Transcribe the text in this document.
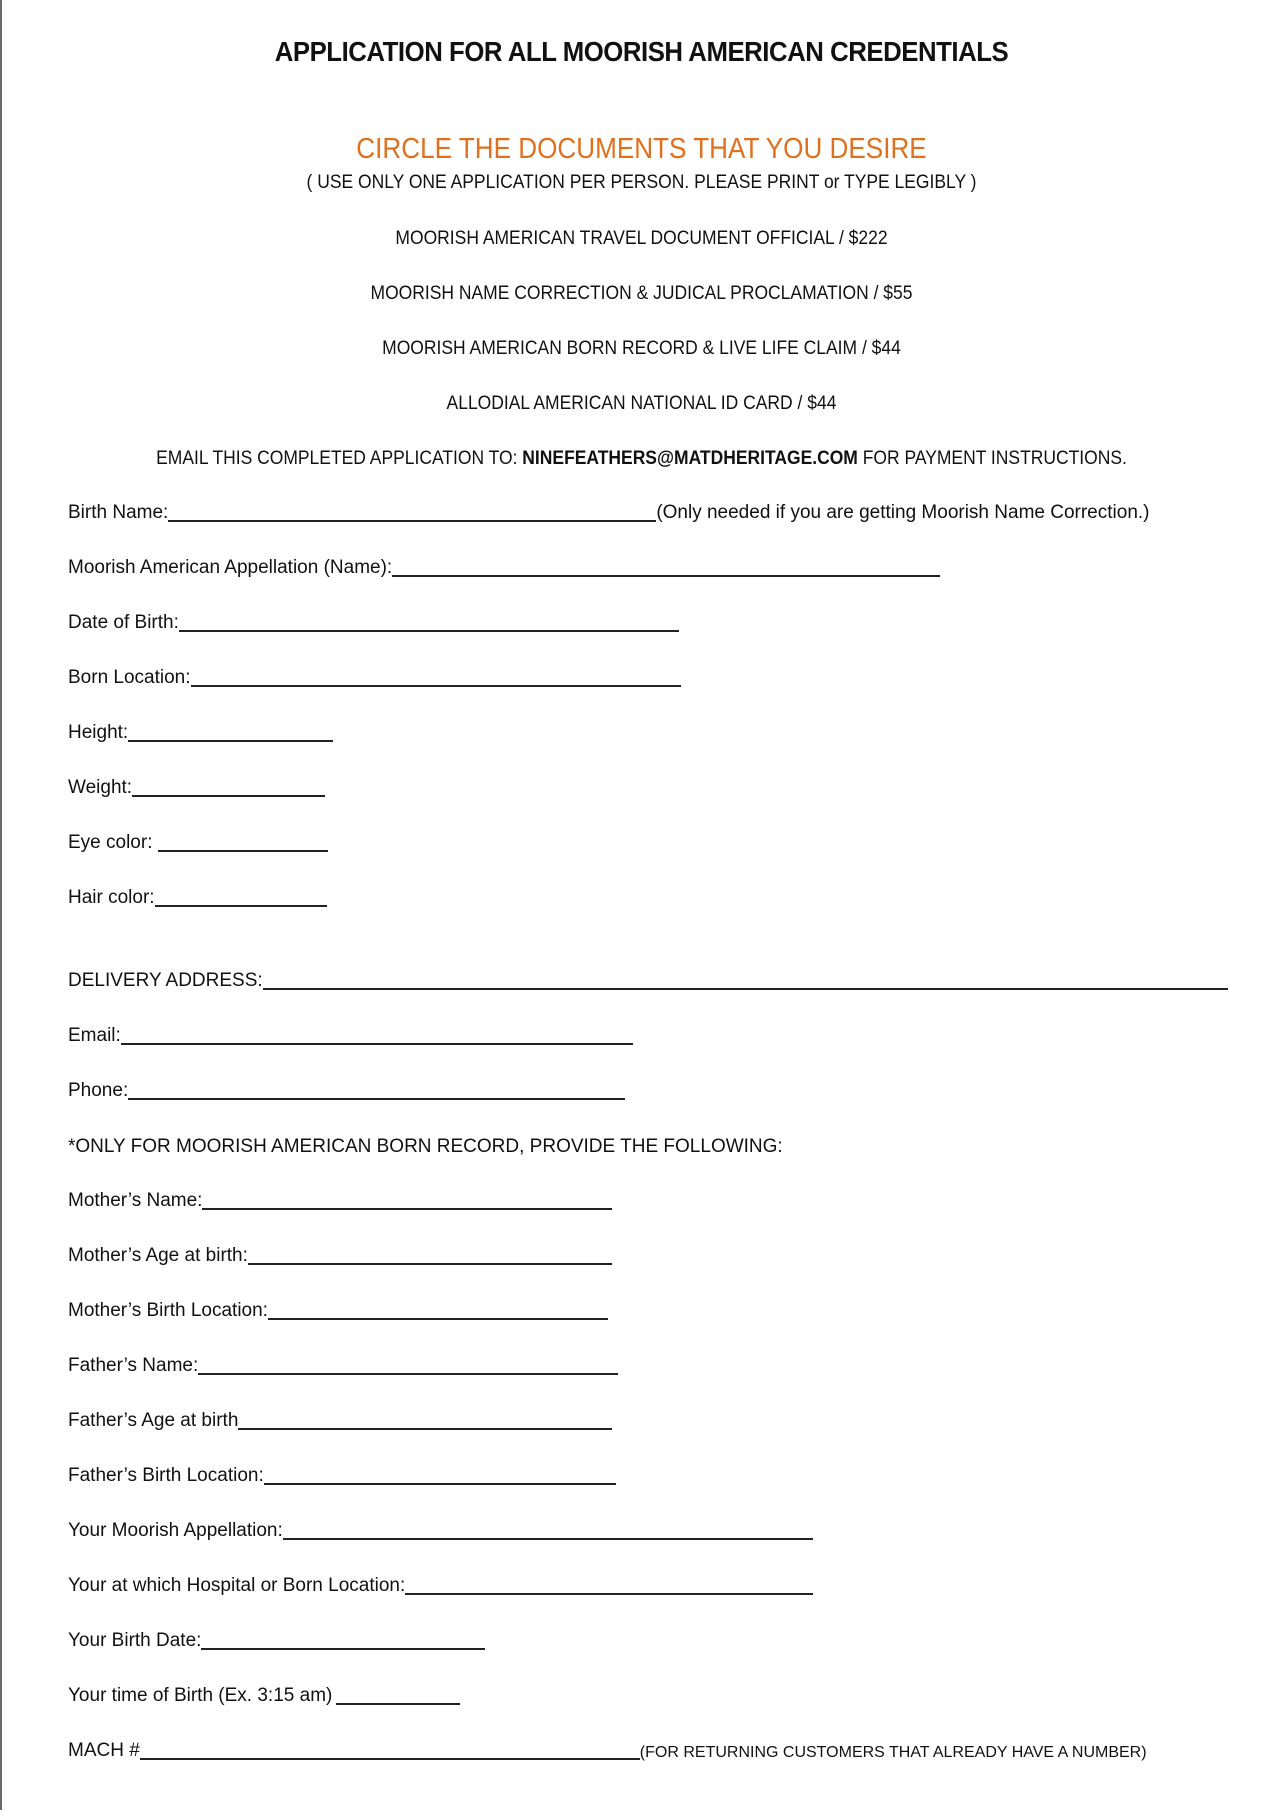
APPLICATION FOR ALL MOORISH AMERICAN CREDENTIALS
CIRCLE THE DOCUMENTS THAT YOU DESIRE
( USE ONLY ONE APPLICATION PER PERSON. PLEASE PRINT or TYPE LEGIBLY )
MOORISH AMERICAN TRAVEL DOCUMENT OFFICIAL / $222
MOORISH NAME CORRECTION & JUDICAL PROCLAMATION / $55
MOORISH AMERICAN BORN RECORD & LIVE LIFE CLAIM / $44
ALLODIAL AMERICAN NATIONAL ID CARD / $44
EMAIL THIS COMPLETED APPLICATION TO: NINEFEATHERS@MATDHERITAGE.COM FOR PAYMENT INSTRUCTIONS.
Birth Name:	(Only needed if you are getting Moorish Name Correction.)
Moorish American Appellation (Name):
Date of Birth:
Born Location:
Height:
Weight:
Eye color:
Hair color:
DELIVERY ADDRESS:
Email:
Phone:
*ONLY FOR MOORISH AMERICAN BORN RECORD, PROVIDE THE FOLLOWING:
Mother’s Name:
Mother’s Age at birth:
Mother’s Birth Location:
Father’s Name:
Father’s Age at birth
Father’s Birth Location:
Your Moorish Appellation:
Your at which Hospital or Born Location:
Your Birth Date:
Your time of Birth (Ex. 3:15 am)
MACH #	(FOR RETURNING CUSTOMERS THAT ALREADY HAVE A NUMBER)
